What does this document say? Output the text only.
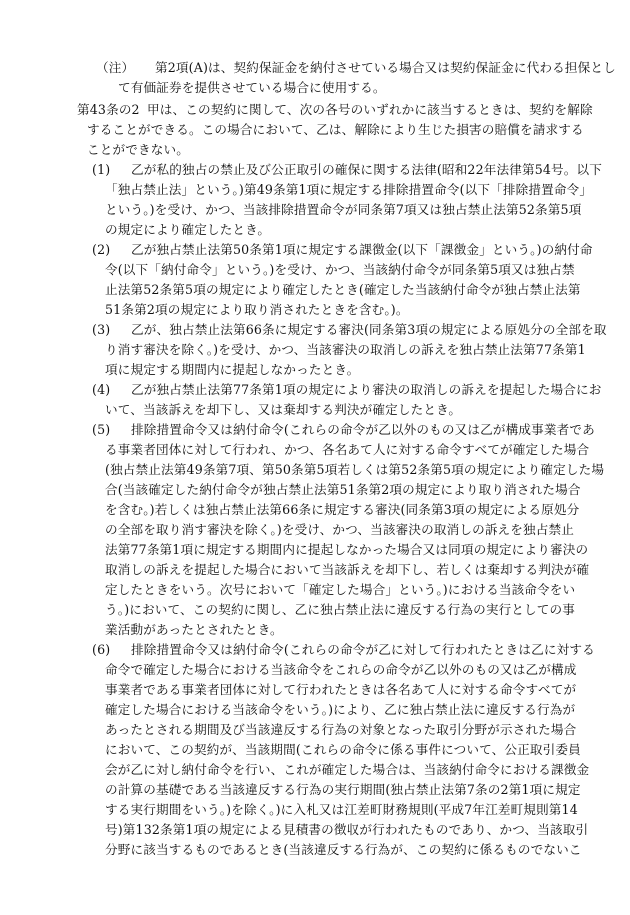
（注） 第2項(A)は、契約保証金を納付させている場合又は契約保証金に代わる担保とし
て有価証券を提供させている場合に使用する。
第43条の2 甲は、この契約に関して、次の各号のいずれかに該当するときは、契約を解除
することができる。この場合において、乙は、解除により生じた損害の賠償を請求する
ことができない。
(1) 乙が私的独占の禁止及び公正取引の確保に関する法律(昭和22年法律第54号。以下
「独占禁止法」という。)第49条第1項に規定する排除措置命令(以下「排除措置命令」
という。)を受け、かつ、当該排除措置命令が同条第7項又は独占禁止法第52条第5項
の規定により確定したとき。
(2) 乙が独占禁止法第50条第1項に規定する課徴金(以下「課徴金」という。)の納付命
令(以下「納付命令」という。)を受け、かつ、当該納付命令が同条第5項又は独占禁
止法第52条第5項の規定により確定したとき(確定した当該納付命令が独占禁止法第
51条第2項の規定により取り消されたときを含む。)。
(3) 乙が、独占禁止法第66条に規定する審決(同条第3項の規定による原処分の全部を取
り消す審決を除く。)を受け、かつ、当該審決の取消しの訴えを独占禁止法第77条第1
項に規定する期間内に提起しなかったとき。
(4) 乙が独占禁止法第77条第1項の規定により審決の取消しの訴えを提起した場合にお
いて、当該訴えを却下し、又は棄却する判決が確定したとき。
(5) 排除措置命令又は納付命令(これらの命令が乙以外のもの又は乙が構成事業者であ
る事業者団体に対して行われ、かつ、各名あて人に対する命令すべてが確定した場合
(独占禁止法第49条第7項、第50条第5項若しくは第52条第5項の規定により確定した場
合(当該確定した納付命令が独占禁止法第51条第2項の規定により取り消された場合
を含む。)若しくは独占禁止法第66条に規定する審決(同条第3項の規定による原処分
の全部を取り消す審決を除く。)を受け、かつ、当該審決の取消しの訴えを独占禁止
法第77条第1項に規定する期間内に提起しなかった場合又は同項の規定により審決の
取消しの訴えを提起した場合において当該訴えを却下し、若しくは棄却する判決が確
定したときをいう。次号において「確定した場合」という。)における当該命令をい
う。)において、この契約に関し、乙に独占禁止法に違反する行為の実行としての事
業活動があったとされたとき。
(6) 排除措置命令又は納付命令(これらの命令が乙に対して行われたときは乙に対する
命令で確定した場合における当該命令をこれらの命令が乙以外のもの又は乙が構成
事業者である事業者団体に対して行われたときは各名あて人に対する命令すべてが
確定した場合における当該命令をいう。)により、乙に独占禁止法に違反する行為が
あったとされる期間及び当該違反する行為の対象となった取引分野が示された場合
において、この契約が、当該期間(これらの命令に係る事件について、公正取引委員
会が乙に対し納付命令を行い、これが確定した場合は、当該納付命令における課徴金
の計算の基礎である当該違反する行為の実行期間(独占禁止法第7条の2第1項に規定
する実行期間をいう。)を除く。)に入札又は江差町財務規則(平成7年江差町規則第14
号)第132条第1項の規定による見積書の徴収が行われたものであり、かつ、当該取引
分野に該当するものであるとき(当該違反する行為が、この契約に係るものでないこ
